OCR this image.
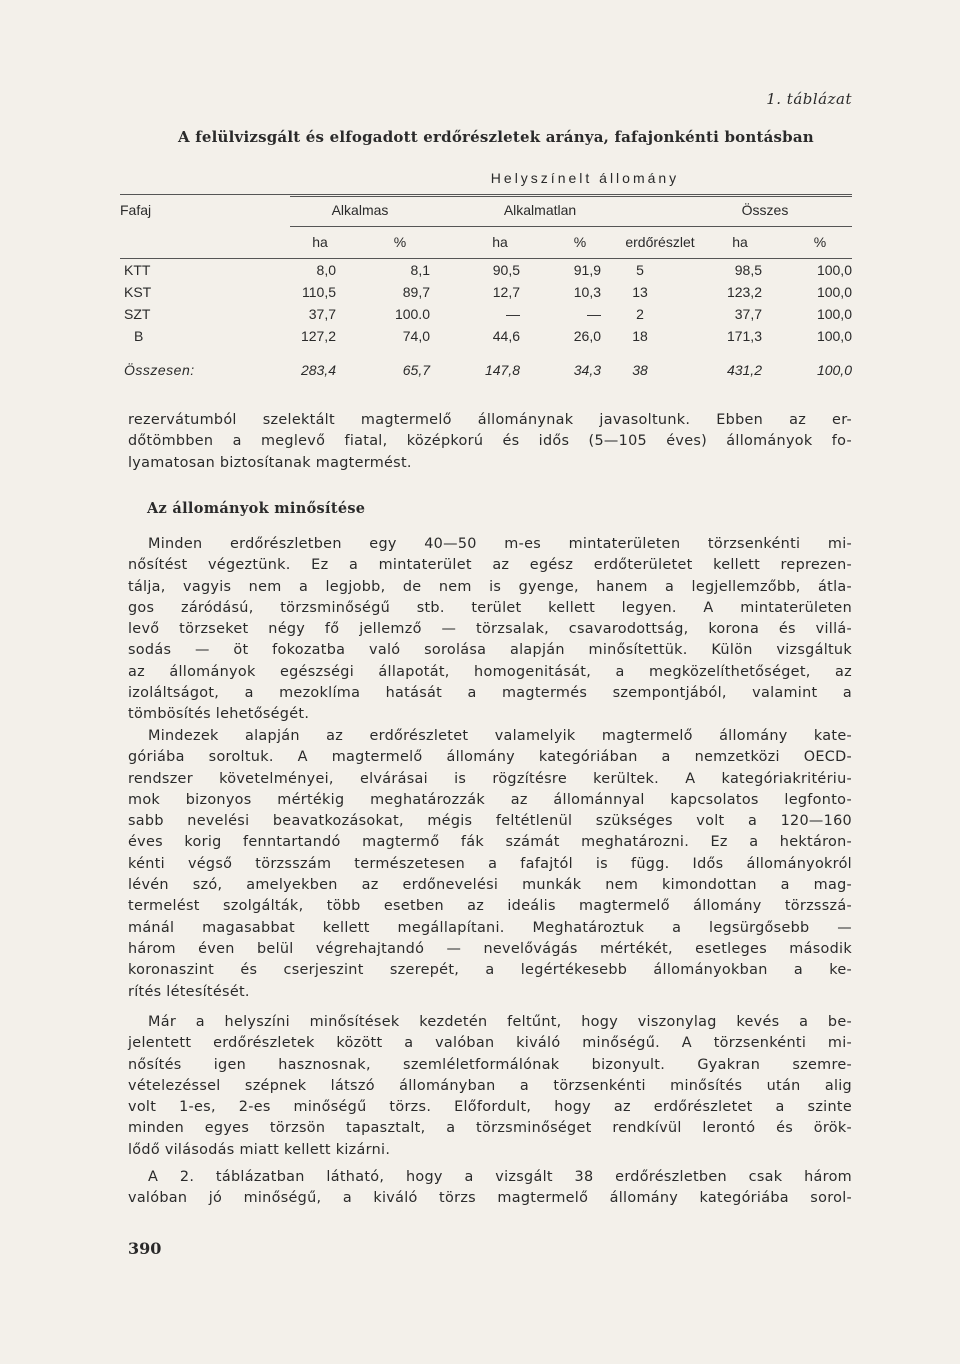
1. táblázat
A felülvizsgált és elfogadott erdőrészletek aránya, fafajonkénti bontásban
Helyszínelt állomány
Fafaj	Alkalmas	Alkalmatlan	Összes
ha	%	ha	%	erdőrészlet	ha	%
KTT	8,0	8,1	90,5	91,9	5	98,5	100,0
KST	110,5	89,7	12,7	10,3	13	123,2	100,0
SZT	37,7	100.0	—	—	2	37,7	100,0
B	127,2	74,0	44,6	26,0	18	171,3	100,0
Összesen:	283,4	65,7	147,8	34,3	38	431,2	100,0
rezervátumból szelektált magtermelő állománynak javasoltunk. Ebben az er-
dőtömbben a meglevő fiatal, középkorú és idős (5—105 éves) állományok fo-
lyamatosan biztosítanak magtermést.
Az állományok minősítése
Minden erdőrészletben egy 40—50 m-es mintaterületen törzsenkénti mi-
nősítést végeztünk. Ez a mintaterület az egész erdőterületet kellett reprezen-
tálja, vagyis nem a legjobb, de nem is gyenge, hanem a legjellemzőbb, átla-
gos záródású, törzsminőségű stb. terület kellett legyen. A mintaterületen
levő törzseket négy fő jellemző — törzsalak, csavarodottság, korona és villá-
sodás — öt fokozatba való sorolása alapján minősítettük. Külön vizsgáltuk
az állományok egészségi állapotát, homogenitását, a megközelíthetőséget, az
izoláltságot, a mezoklíma hatását a magtermés szempontjából, valamint a
tömbösítés lehetőségét.
Mindezek alapján az erdőrészletet valamelyik magtermelő állomány kate-
góriába soroltuk. A magtermelő állomány kategóriában a nemzetközi OECD-
rendszer követelményei, elvárásai is rögzítésre kerültek. A kategóriakritériu-
mok bizonyos mértékig meghatározzák az állománnyal kapcsolatos legfonto-
sabb nevelési beavatkozásokat, mégis feltétlenül szükséges volt a 120—160
éves korig fenntartandó magtermő fák számát meghatározni. Ez a hektáron-
kénti végső törzsszám természetesen a fafajtól is függ. Idős állományokról
lévén szó, amelyekben az erdőnevelési munkák nem kimondottan a mag-
termelést szolgálták, több esetben az ideális magtermelő állomány törzsszá-
mánál magasabbat kellett megállapítani. Meghatároztuk a legsürgősebb —
három éven belül végrehajtandó — nevelővágás mértékét, esetleges második
koronaszint és cserjeszint szerepét, a legértékesebb állományokban a ke-
rítés létesítését.
Már a helyszíni minősítések kezdetén feltűnt, hogy viszonylag kevés a be-
jelentett erdőrészletek között a valóban kiváló minőségű. A törzsenkénti mi-
nősítés igen hasznosnak, szemléletformálónak bizonyult. Gyakran szemre-
vételezéssel szépnek látszó állományban a törzsenkénti minősítés után alig
volt 1-es, 2-es minőségű törzs. Előfordult, hogy az erdőrészletet a szinte
minden egyes törzsön tapasztalt, a törzsminőséget rendkívül lerontó és örök-
lődő vilásodás miatt kellett kizárni.
A 2. táblázatban látható, hogy a vizsgált 38 erdőrészletben csak három
valóban jó minőségű, a kiváló törzs magtermelő állomány kategóriába sorol-
390
